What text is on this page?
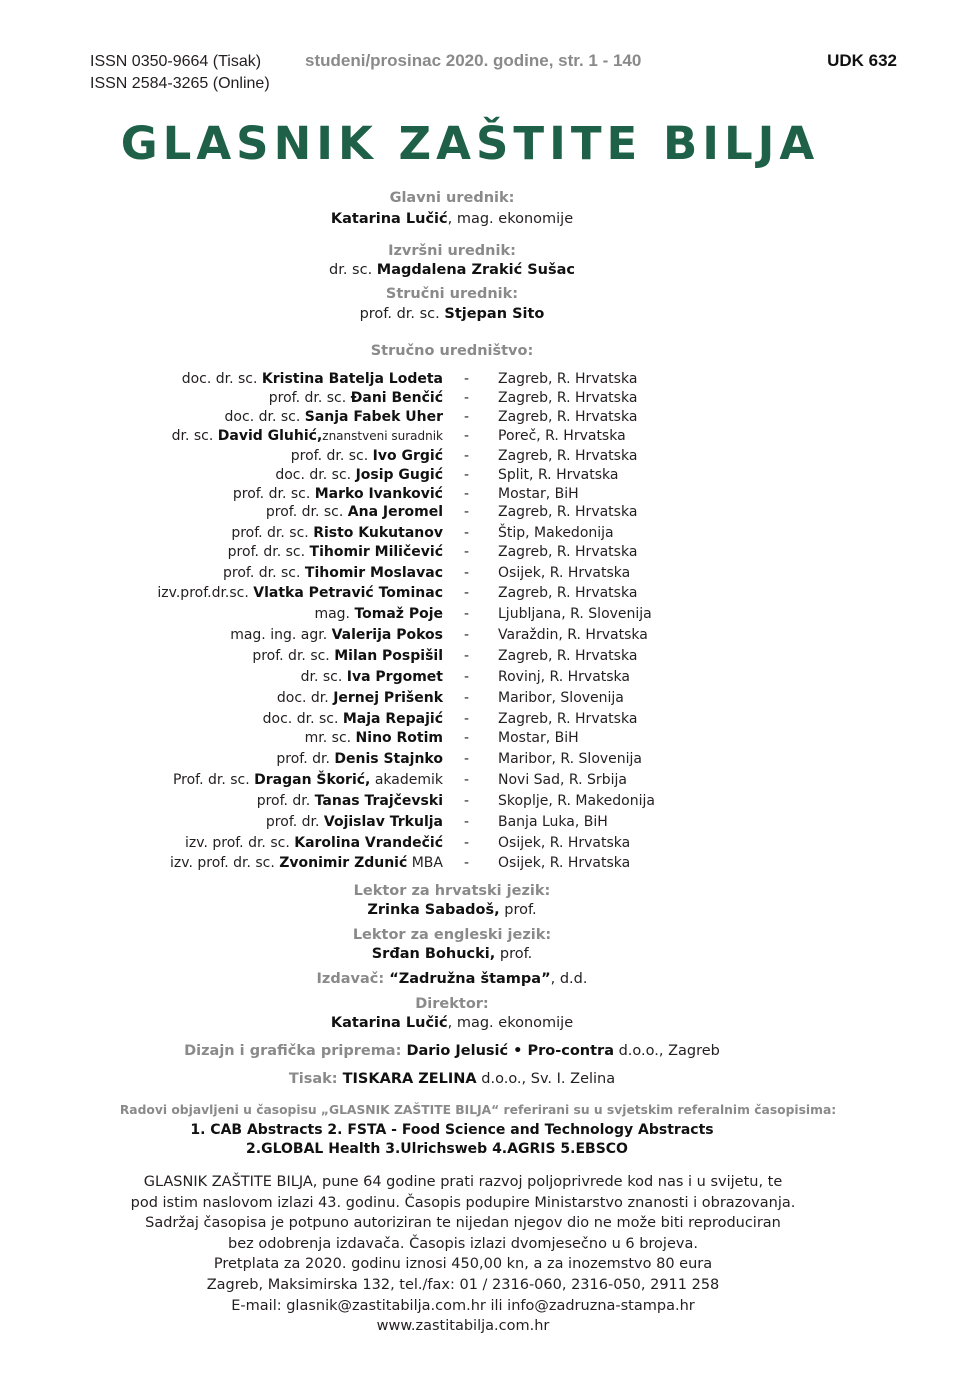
ISSN 0350-9664 (Tisak)
ISSN 2584-3265 (Online)
studeni/prosinac 2020. godine, str. 1 - 140	UDK 632
GLASNIK ZAŠTITE BILJA
Glavni urednik:
Katarina Lučić, mag. ekonomije
Izvršni urednik:
dr. sc. Magdalena Zrakić Sušac
Stručni urednik:
prof. dr. sc. Stjepan Sito
Stručno uredništvo:
doc. dr. sc. Kristina Batelja Lodeta - Zagreb, R. Hrvatska
prof. dr. sc. Đani Benčić - Zagreb, R. Hrvatska
doc. dr. sc. Sanja Fabek Uher - Zagreb, R. Hrvatska
dr. sc. David Gluhić,znanstveni suradnik - Poreč, R. Hrvatska
prof. dr. sc. Ivo Grgić - Zagreb, R. Hrvatska
doc. dr. sc. Josip Gugić - Split, R. Hrvatska
prof. dr. sc. Marko Ivanković - Mostar, BiH
prof. dr. sc. Ana Jeromel - Zagreb, R. Hrvatska
prof. dr. sc. Risto Kukutanov - Štip, Makedonija
prof. dr. sc. Tihomir Miličević - Zagreb, R. Hrvatska
prof. dr. sc. Tihomir Moslavac - Osijek, R. Hrvatska
izv.prof.dr.sc. Vlatka Petravić Tominac - Zagreb, R. Hrvatska
mag. Tomaž Poje - Ljubljana, R. Slovenija
mag. ing. agr. Valerija Pokos - Varaždin, R. Hrvatska
prof. dr. sc. Milan Pospišil - Zagreb, R. Hrvatska
dr. sc. Iva Prgomet - Rovinj, R. Hrvatska
doc. dr. Jernej Prišenk - Maribor, Slovenija
doc. dr. sc. Maja Repajić - Zagreb, R. Hrvatska
mr. sc. Nino Rotim - Mostar, BiH
prof. dr. Denis Stajnko - Maribor, R. Slovenija
Prof. dr. sc. Dragan Škorić, akademik - Novi Sad, R. Srbija
prof. dr. Tanas Trajčevski - Skoplje, R. Makedonija
prof. dr. Vojislav Trkulja - Banja Luka, BiH
izv. prof. dr. sc. Karolina Vrandečić - Osijek, R. Hrvatska
izv. prof. dr. sc. Zvonimir Zdunić MBA - Osijek, R. Hrvatska
Lektor za hrvatski jezik:
Zrinka Sabadoš, prof.
Lektor za engleski jezik:
Srđan Bohucki, prof.
Izdavač: “Zadružna štampa”, d.d.
Direktor:
Katarina Lučić, mag. ekonomije
Dizajn i grafička priprema: Dario Jelusić • Pro-contra d.o.o., Zagreb
Tisak: TISKARA ZELINA d.o.o., Sv. I. Zelina
Radovi objavljeni u časopisu „GLASNIK ZAŠTITE BILJA“ referirani su u svjetskim referalnim časopisima:
1. CAB Abstracts 2. FSTA - Food Science and Technology Abstracts
2.GLOBAL Health 3.Ulrichsweb 4.AGRIS 5.EBSCO
GLASNIK ZAŠTITE BILJA, pune 64 godine prati razvoj poljoprivrede kod nas i u svijetu, te
pod istim naslovom izlazi 43. godinu. Časopis podupire Ministarstvo znanosti i obrazovanja.
Sadržaj časopisa je potpuno autoriziran te nijedan njegov dio ne može biti reproduciran
bez odobrenja izdavača. Časopis izlazi dvomjesečno u 6 brojeva.
Pretplata za 2020. godinu iznosi 450,00 kn, a za inozemstvo 80 eura
Zagreb, Maksimirska 132, tel./fax: 01 / 2316-060, 2316-050, 2911 258
E-mail: glasnik@zastitabilja.com.hr ili info@zadruzna-stampa.hr
www.zastitabilja.com.hr
